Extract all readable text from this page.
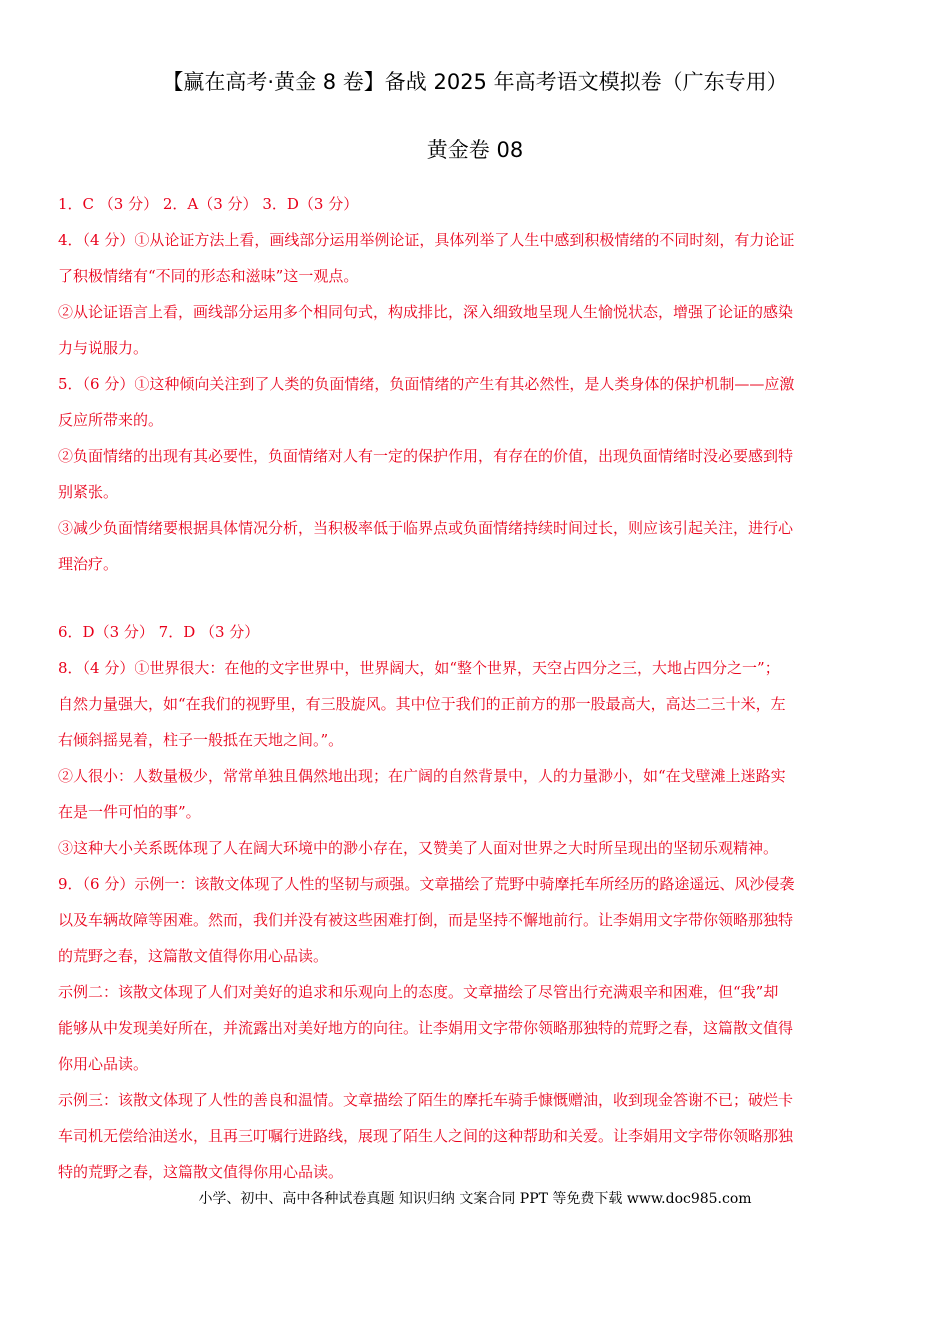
【赢在高考·黄金 8 卷】备战 2025 年高考语文模拟卷（广东专用）
黄金卷 08
1．C （3 分） 2．A（3 分） 3．D（3 分）
4．（4 分）①从论证方法上看，画线部分运用举例论证，具体列举了人生中感到积极情绪的不同时刻，有力论证
了积极情绪有“不同的形态和滋味”这一观点。
②从论证语言上看，画线部分运用多个相同句式，构成排比，深入细致地呈现人生愉悦状态，增强了论证的感染
力与说服力。
5．（6 分）①这种倾向关注到了人类的负面情绪，负面情绪的产生有其必然性，是人类身体的保护机制——应激
反应所带来的。
②负面情绪的出现有其必要性，负面情绪对人有一定的保护作用，有存在的价值，出现负面情绪时没必要感到特
别紧张。
③减少负面情绪要根据具体情况分析，当积极率低于临界点或负面情绪持续时间过长，则应该引起关注，进行心
理治疗。
6．D（3 分） 7．D （3 分）
8．（4 分）①世界很大：在他的文字世界中，世界阔大，如“整个世界，天空占四分之三，大地占四分之一”；
自然力量强大，如“在我们的视野里，有三股旋风。其中位于我们的正前方的那一股最高大，高达二三十米，左
右倾斜摇晃着，柱子一般抵在天地之间。”。
②人很小：人数量极少，常常单独且偶然地出现；在广阔的自然背景中，人的力量渺小，如“在戈壁滩上迷路实
在是一件可怕的事”。
③这种大小关系既体现了人在阔大环境中的渺小存在，又赞美了人面对世界之大时所呈现出的坚韧乐观精神。
9．（6 分）示例一：该散文体现了人性的坚韧与顽强。文章描绘了荒野中骑摩托车所经历的路途遥远、风沙侵袭
以及车辆故障等困难。然而，我们并没有被这些困难打倒，而是坚持不懈地前行。让李娟用文字带你领略那独特
的荒野之春，这篇散文值得你用心品读。
示例二：该散文体现了人们对美好的追求和乐观向上的态度。文章描绘了尽管出行充满艰辛和困难，但“我”却
能够从中发现美好所在，并流露出对美好地方的向往。让李娟用文字带你领略那独特的荒野之春，这篇散文值得
你用心品读。
示例三：该散文体现了人性的善良和温情。文章描绘了陌生的摩托车骑手慷慨赠油，收到现金答谢不已；破烂卡
车司机无偿给油送水，且再三叮嘱行进路线，展现了陌生人之间的这种帮助和关爱。让李娟用文字带你领略那独
特的荒野之春，这篇散文值得你用心品读。
小学、初中、高中各种试卷真题 知识归纳 文案合同 PPT 等免费下载 www.doc985.com
